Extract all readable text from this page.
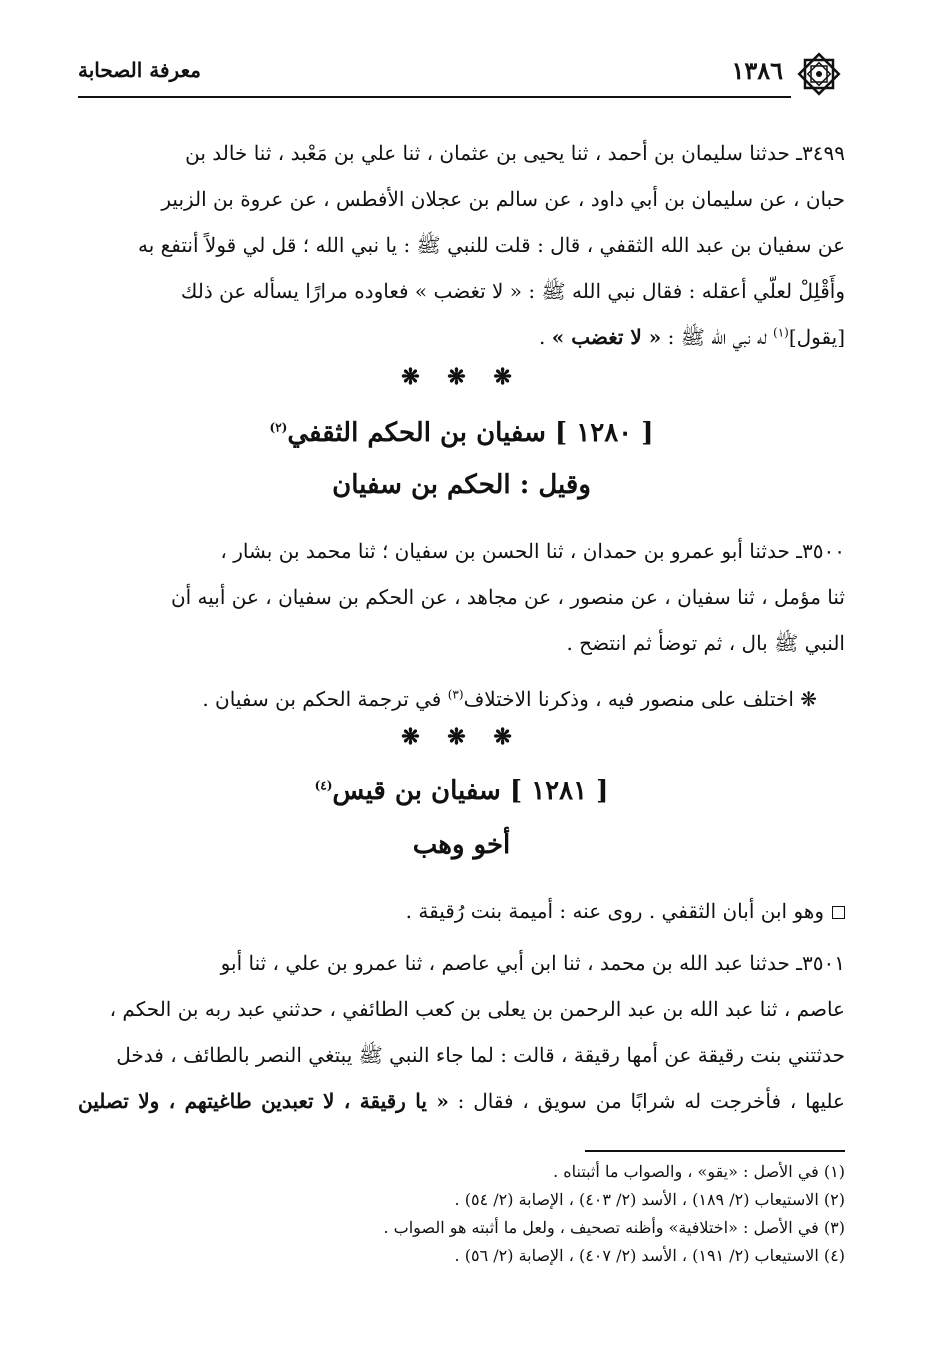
١٣٨٦
معرفة الصحابة
٣٤٩٩ـ حدثنا سليمان بن أحمد ، ثنا يحيى بن عثمان ، ثنا علي بن مَعْبد ، ثنا خالد بن
حبان ، عن سليمان بن أبي داود ، عن سالم بن عجلان الأفطس ، عن عروة بن الزبير
عن سفيان بن عبد الله الثقفي ، قال : قلت للنبي ﷺ : يا نبي الله ؛ قل لي قولاً أنتفع به
وأَقْلِلْ لعلّي أعقله : فقال نبي الله ﷺ : « لا تغضب » فعاوده مرارًا يسأله عن ذلك
[يقول]$^{(١)}$ له نبي الله ﷺ : « لا تغضب » .
❋ ❋ ❋
[ ١٢٨٠ ] سفيان بن الحكم الثقفي$^{(٢)}$
وقيل : الحكم بن سفيان
٣٥٠٠ـ حدثنا أبو عمرو بن حمدان ، ثنا الحسن بن سفيان ؛ ثنا محمد بن بشار ،
ثنا مؤمل ، ثنا سفيان ، عن منصور ، عن مجاهد ، عن الحكم بن سفيان ، عن أبيه أن
النبي ﷺ بال ، ثم توضأ ثم انتضح .
❋ اختلف على منصور فيه ، وذكرنا الاختلاف$^{(٣)}$ في ترجمة الحكم بن سفيان .
❋ ❋ ❋
[ ١٢٨١ ] سفيان بن قيس$^{(٤)}$
أخو وهب
وهو ابن أبان الثقفي . روى عنه : أميمة بنت رُقيقة .
٣٥٠١ـ حدثنا عبد الله بن محمد ، ثنا ابن أبي عاصم ، ثنا عمرو بن علي ، ثنا أبو
عاصم ، ثنا عبد الله بن عبد الرحمن بن يعلى بن كعب الطائفي ، حدثني عبد ربه بن الحكم ،
حدثتني بنت رقيقة عن أمها رقيقة ، قالت : لما جاء النبي ﷺ يبتغي النصر بالطائف ، فدخل
عليها ، فأخرجت له شرابًا من سويق ، فقال : « يا رقيقة ، لا تعبدين طاغيتهم ، ولا تصلين
(١) في الأصل : «يقو» ، والصواب ما أثبتناه .
(٢) الاستيعاب (٢/ ١٨٩) ، الأسد (٢/ ٤٠٣) ، الإصابة (٢/ ٥٤) .
(٣) في الأصل : «اختلافية» وأظنه تصحيف ، ولعل ما أثبته هو الصواب .
(٤) الاستيعاب (٢/ ١٩١) ، الأسد (٢/ ٤٠٧) ، الإصابة (٢/ ٥٦) .
